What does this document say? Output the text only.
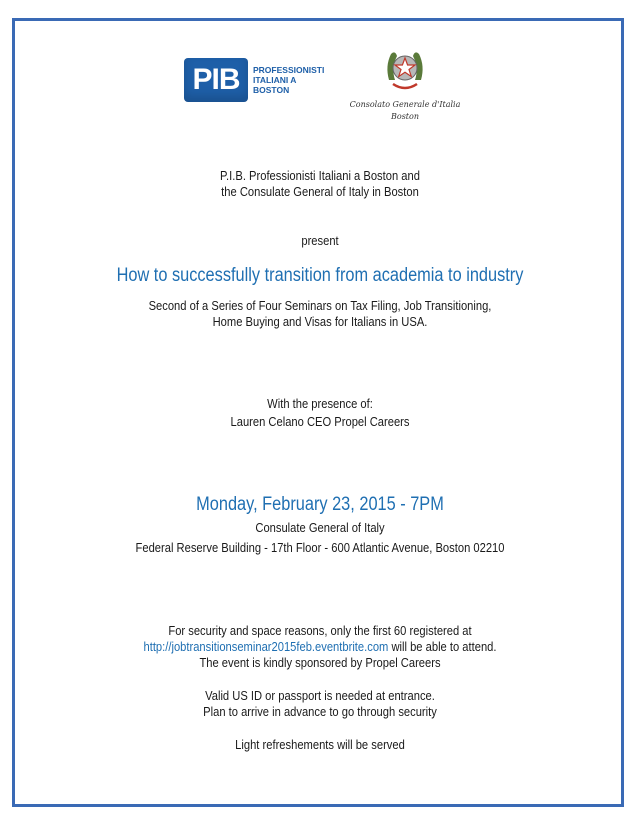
PIB	PROFESSIONISTI
ITALIANI A
BOSTON
Consolato Generale d'Italia
Boston
P.I.B. Professionisti Italiani a Boston and
the Consulate General of Italy in Boston
present
How to successfully transition from academia to industry
Second of a Series of Four Seminars on Tax Filing, Job Transitioning,
Home Buying and Visas for Italians in USA.
With the presence of:
Lauren Celano CEO Propel Careers
Monday, February 23, 2015 - 7PM
Consulate General of Italy
Federal Reserve Building - 17th Floor - 600 Atlantic Avenue, Boston 02210
For security and space reasons, only the first 60 registered at
http://jobtransitionseminar2015feb.eventbrite.com will be able to attend.
The event is kindly sponsored by Propel Careers
Valid US ID or passport is needed at entrance.
Plan to arrive in advance to go through security
Light refreshements will be served
